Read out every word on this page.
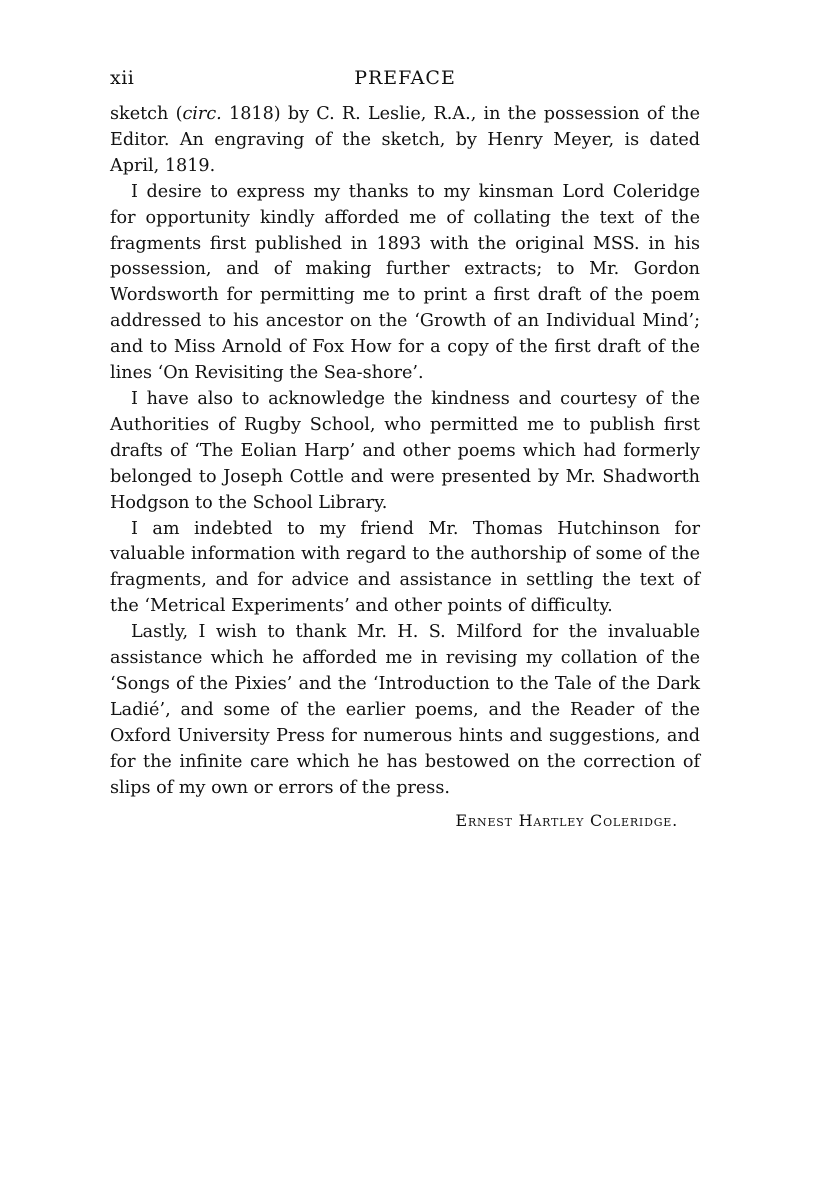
xii	PREFACE

sketch (circ. 1818) by C. R. Leslie, R.A., in the possession of the Editor. An engraving of the sketch, by Henry Meyer, is dated April, 1819.

I desire to express my thanks to my kinsman Lord Coleridge for opportunity kindly afforded me of collating the text of the fragments first published in 1893 with the original MSS. in his possession, and of making further extracts; to Mr. Gordon Wordsworth for permitting me to print a first draft of the poem addressed to his ancestor on the ‘Growth of an Individual Mind’; and to Miss Arnold of Fox How for a copy of the first draft of the lines ‘On Revisiting the Sea-shore’.

I have also to acknowledge the kindness and courtesy of the Authorities of Rugby School, who permitted me to publish first drafts of ‘The Eolian Harp’ and other poems which had formerly belonged to Joseph Cottle and were presented by Mr. Shadworth Hodgson to the School Library.

I am indebted to my friend Mr. Thomas Hutchinson for valuable information with regard to the authorship of some of the fragments, and for advice and assistance in settling the text of the ‘Metrical Experiments’ and other points of difficulty.

Lastly, I wish to thank Mr. H. S. Milford for the invaluable assistance which he afforded me in revising my collation of the ‘Songs of the Pixies’ and the ‘Introduction to the Tale of the Dark Ladié’, and some of the earlier poems, and the Reader of the Oxford University Press for numerous hints and suggestions, and for the infinite care which he has bestowed on the correction of slips of my own or errors of the press.

Ernest Hartley Coleridge.
